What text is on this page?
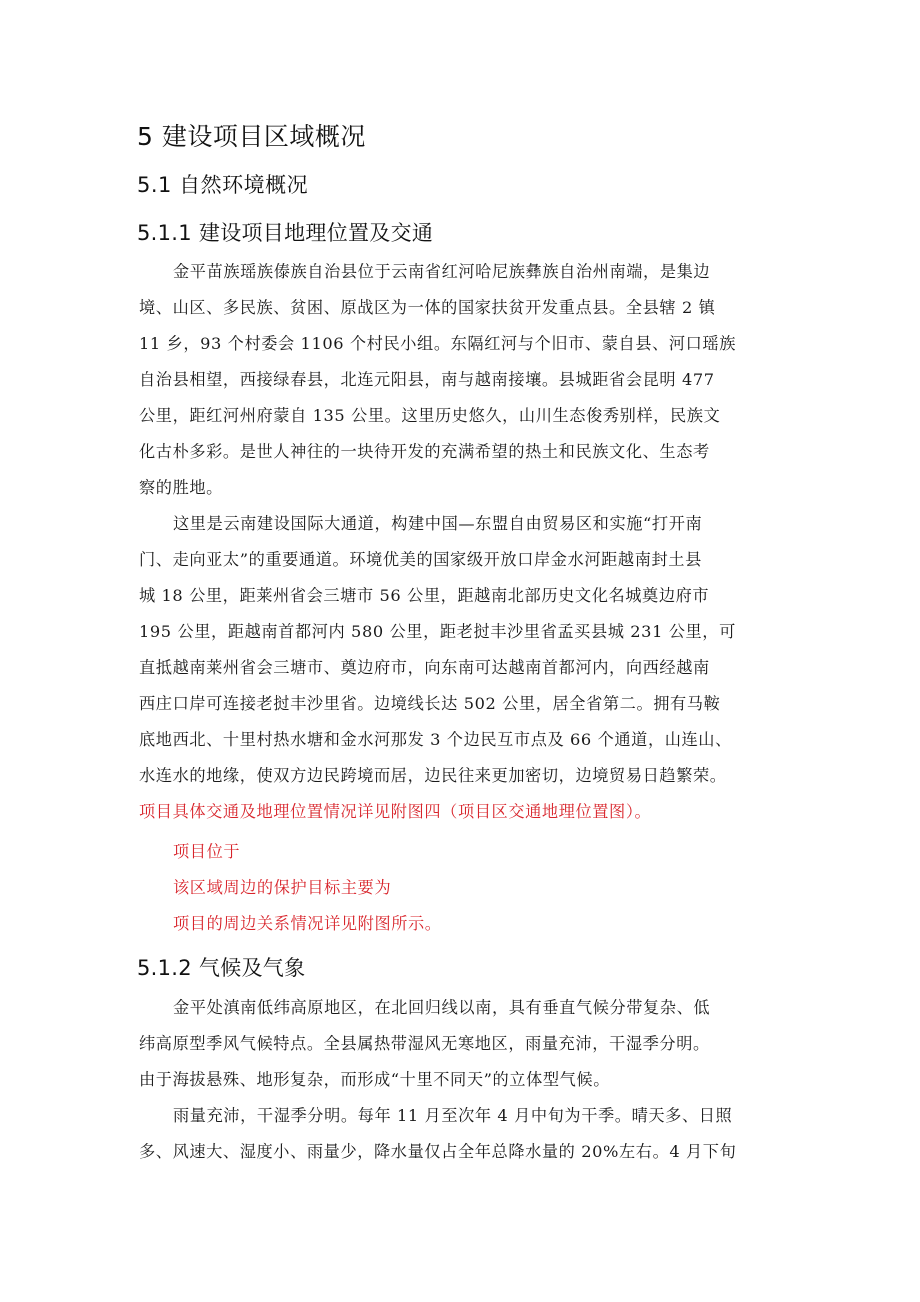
5 建设项目区域概况
5.1 自然环境概况
5.1.1 建设项目地理位置及交通
金平苗族瑶族傣族自治县位于云南省红河哈尼族彝族自治州南端，是集边
境、山区、多民族、贫困、原战区为一体的国家扶贫开发重点县。全县辖 2 镇
11 乡，93 个村委会 1106 个村民小组。东隔红河与个旧市、蒙自县、河口瑶族
自治县相望，西接绿春县，北连元阳县，南与越南接壤。县城距省会昆明 477
公里，距红河州府蒙自 135 公里。这里历史悠久，山川生态俊秀别样，民族文
化古朴多彩。是世人神往的一块待开发的充满希望的热土和民族文化、生态考
察的胜地。
这里是云南建设国际大通道，构建中国—东盟自由贸易区和实施“打开南
门、走向亚太”的重要通道。环境优美的国家级开放口岸金水河距越南封土县
城 18 公里，距莱州省会三塘市 56 公里，距越南北部历史文化名城奠边府市
195 公里，距越南首都河内 580 公里，距老挝丰沙里省孟买县城 231 公里，可
直抵越南莱州省会三塘市、奠边府市，向东南可达越南首都河内，向西经越南
西庄口岸可连接老挝丰沙里省。边境线长达 502 公里，居全省第二。拥有马鞍
底地西北、十里村热水塘和金水河那发 3 个边民互市点及 66 个通道，山连山、
水连水的地缘，使双方边民跨境而居，边民往来更加密切，边境贸易日趋繁荣。
项目具体交通及地理位置情况详见附图四（项目区交通地理位置图）。
项目位于
该区域周边的保护目标主要为
项目的周边关系情况详见附图所示。
5.1.2 气候及气象
金平处滇南低纬高原地区，在北回归线以南，具有垂直气候分带复杂、低
纬高原型季风气候特点。全县属热带湿风无寒地区，雨量充沛，干湿季分明。
由于海拔悬殊、地形复杂，而形成“十里不同天”的立体型气候。
雨量充沛，干湿季分明。每年 11 月至次年 4 月中旬为干季。晴天多、日照
多、风速大、湿度小、雨量少，降水量仅占全年总降水量的 20%左右。4 月下旬
